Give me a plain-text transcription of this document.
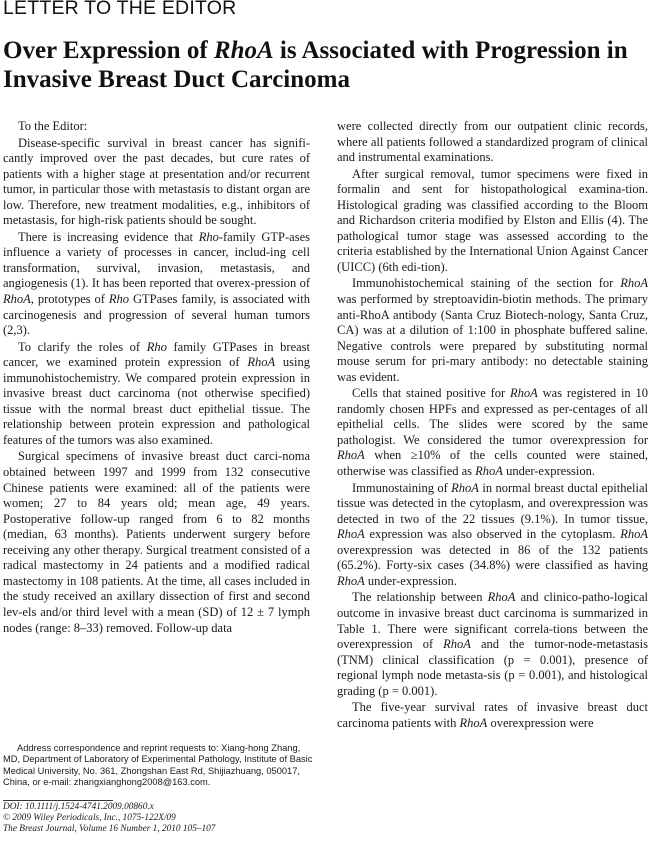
LETTER TO THE EDITOR
Over Expression of RhoA is Associated with Progression in Invasive Breast Duct Carcinoma

To the Editor:

Disease-specific survival in breast cancer has signifi-cantly improved over the past decades, but cure rates of patients with a higher stage at presentation and/or recurrent tumor, in particular those with metastasis to distant organ are low. Therefore, new treatment modalities, e.g., inhibitors of metastasis, for high-risk patients should be sought.

There is increasing evidence that Rho-family GTP-ases influence a variety of processes in cancer, includ-ing cell transformation, survival, invasion, metastasis, and angiogenesis (1). It has been reported that overex-pression of RhoA, prototypes of Rho GTPases family, is associated with carcinogenesis and progression of several human tumors (2,3).

To clarify the roles of Rho family GTPases in breast cancer, we examined protein expression of RhoA using immunohistochemistry. We compared protein expression in invasive breast duct carcinoma (not otherwise specified) tissue with the normal breast duct epithelial tissue. The relationship between protein expression and pathological features of the tumors was also examined.

Surgical specimens of invasive breast duct carci-noma obtained between 1997 and 1999 from 132 consecutive Chinese patients were examined: all of the patients were women; 27 to 84 years old; mean age, 49 years. Postoperative follow-up ranged from 6 to 82 months (median, 63 months). Patients underwent surgery before receiving any other therapy. Surgical treatment consisted of a radical mastectomy in 24 patients and a modified radical mastectomy in 108 patients. At the time, all cases included in the study received an axillary dissection of first and second lev-els and/or third level with a mean (SD) of 12 ± 7 lymph nodes (range: 8–33) removed. Follow-up data

were collected directly from our outpatient clinic records, where all patients followed a standardized program of clinical and instrumental examinations.

After surgical removal, tumor specimens were fixed in formalin and sent for histopathological examina-tion. Histological grading was classified according to the Bloom and Richardson criteria modified by Elston and Ellis (4). The pathological tumor stage was assessed according to the criteria established by the International Union Against Cancer (UICC) (6th edi-tion).

Immunohistochemical staining of the section for RhoA was performed by streptoavidin-biotin methods. The primary anti-RhoA antibody (Santa Cruz Biotech-nology, Santa Cruz, CA) was at a dilution of 1:100 in phosphate buffered saline. Negative controls were prepared by substituting normal mouse serum for pri-mary antibody: no detectable staining was evident.

Cells that stained positive for RhoA was registered in 10 randomly chosen HPFs and expressed as per-centages of all epithelial cells. The slides were scored by the same pathologist. We considered the tumor overexpression for RhoA when ≥10% of the cells counted were stained, otherwise was classified as RhoA under-expression.

Immunostaining of RhoA in normal breast ductal epithelial tissue was detected in the cytoplasm, and overexpression was detected in two of the 22 tissues (9.1%). In tumor tissue, RhoA expression was also observed in the cytoplasm. RhoA overexpression was detected in 86 of the 132 patients (65.2%). Forty-six cases (34.8%) were classified as having RhoA under-expression.

The relationship between RhoA and clinico-patho-logical outcome in invasive breast duct carcinoma is summarized in Table 1. There were significant correla-tions between the overexpression of RhoA and the tumor-node-metastasis (TNM) clinical classification (p = 0.001), presence of regional lymph node metasta-sis (p = 0.001), and histological grading (p = 0.001).

The five-year survival rates of invasive breast duct carcinoma patients with RhoA overexpression were

Address correspondence and reprint requests to: Xiang-hong Zhang, MD, Department of Laboratory of Experimental Pathology, Institute of Basic Medical University, No. 361, Zhongshan East Rd, Shijiazhuang, 050017, China, or e-mail: zhangxianghong2008@163.com.

DOI: 10.1111/j.1524-4741.2009.00860.x
© 2009 Wiley Periodicals, Inc., 1075-122X/09
The Breast Journal, Volume 16 Number 1, 2010 105–107
